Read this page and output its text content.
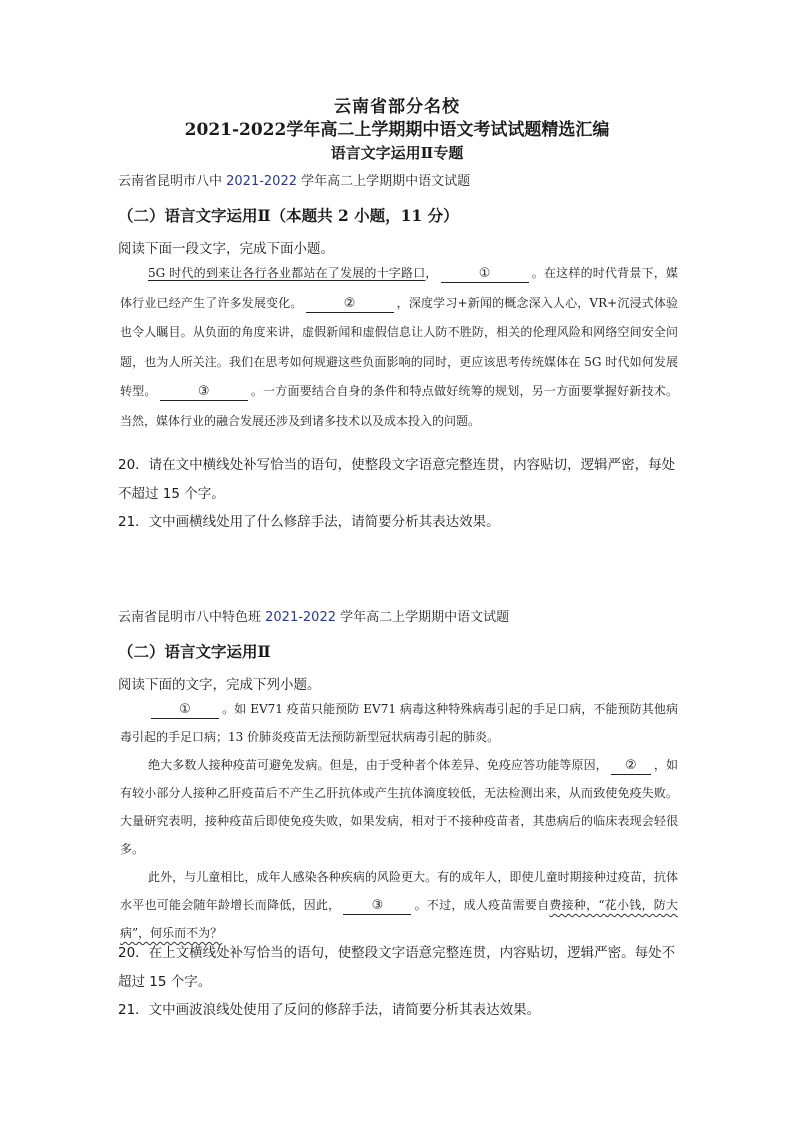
云南省部分名校
2021-2022学年高二上学期期中语文考试试题精选汇编
语言文字运用Ⅱ专题
云南省昆明市八中 2021-2022 学年高二上学期期中语文试题
（二）语言文字运用Ⅱ（本题共 2 小题，11 分）
阅读下面一段文字，完成下面小题。
5G 时代的到来让各行各业都站在了发展的十字路口，	①	。在这样的时代背景下，媒体行业已经产生了许多发展变化。	②	，深度学习+新闻的概念深入人心，VR+沉浸式体验也令人瞩目。从负面的角度来讲，虚假新闻和虚假信息让人防不胜防，相关的伦理风险和网络空间安全问题，也为人所关注。我们在思考如何规避这些负面影响的同时，更应该思考传统媒体在 5G 时代如何发展转型。	③	。一方面要结合自身的条件和特点做好统筹的规划，另一方面要掌握好新技术。当然，媒体行业的融合发展还涉及到诸多技术以及成本投入的问题。
20．请在文中横线处补写恰当的语句，使整段文字语意完整连贯，内容贴切，逻辑严密，每处不超过 15 个字。
21．文中画横线处用了什么修辞手法，请简要分析其表达效果。
云南省昆明市八中特色班 2021-2022 学年高二上学期期中语文试题
（二）语言文字运用Ⅱ
阅读下面的文字，完成下列小题。
①	。如 EV71 疫苗只能预防 EV71 病毒这种特殊病毒引起的手足口病，不能预防其他病毒引起的手足口病；13 价肺炎疫苗无法预防新型冠状病毒引起的肺炎。
绝大多数人接种疫苗可避免发病。但是，由于受种者个体差异、免疫应答功能等原因， ② ，如有较小部分人接种乙肝疫苗后不产生乙肝抗体或产生抗体滴度较低，无法检测出来，从而致使免疫失败。大量研究表明，接种疫苗后即使免疫失败，如果发病，相对于不接种疫苗者，其患病后的临床表现会轻很多。
此外，与儿童相比，成年人感染各种疾病的风险更大。有的成年人，即使儿童时期接种过疫苗，抗体水平也可能会随年龄增长而降低，因此， ③	。不过，成人疫苗需要自费接种，“花小钱，防大病”，何乐而不为？
20．在上文横线处补写恰当的语句，使整段文字语意完整连贯，内容贴切，逻辑严密。每处不超过 15 个字。
21．文中画波浪线处使用了反问的修辞手法，请简要分析其表达效果。
